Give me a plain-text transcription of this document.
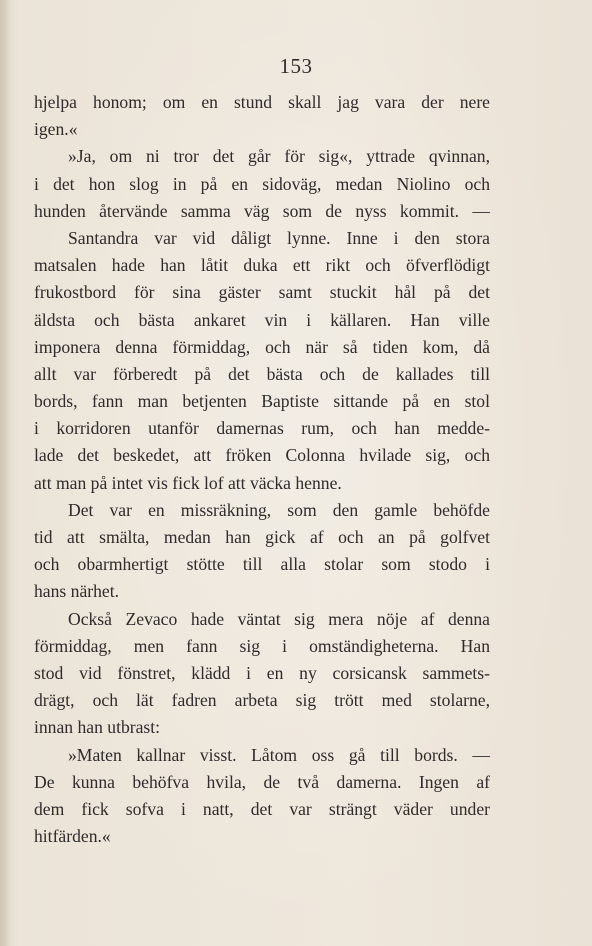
153
hjelpa honom; om en stund skall jag vara der nere
igen.«
»Ja, om ni tror det går för sig«, yttrade qvinnan,
i det hon slog in på en sidoväg, medan Niolino och
hunden återvände samma väg som de nyss kommit. —
Santandra var vid dåligt lynne. Inne i den stora
matsalen hade han låtit duka ett rikt och öfverflödigt
frukostbord för sina gäster samt stuckit hål på det
äldsta och bästa ankaret vin i källaren. Han ville
imponera denna förmiddag, och när så tiden kom, då
allt var förberedt på det bästa och de kallades till
bords, fann man betjenten Baptiste sittande på en stol
i korridoren utanför damernas rum, och han medde-
lade det beskedet, att fröken Colonna hvilade sig, och
att man på intet vis fick lof att väcka henne.
Det var en missräkning, som den gamle behöfde
tid att smälta, medan han gick af och an på golfvet
och obarmhertigt stötte till alla stolar som stodo i
hans närhet.
Också Zevaco hade väntat sig mera nöje af denna
förmiddag, men fann sig i omständigheterna. Han
stod vid fönstret, klädd i en ny corsicansk sammets-
drägt, och lät fadren arbeta sig trött med stolarne,
innan han utbrast:
»Maten kallnar visst. Låtom oss gå till bords. —
De kunna behöfva hvila, de två damerna. Ingen af
dem fick sofva i natt, det var strängt väder under
hitfärden.«
